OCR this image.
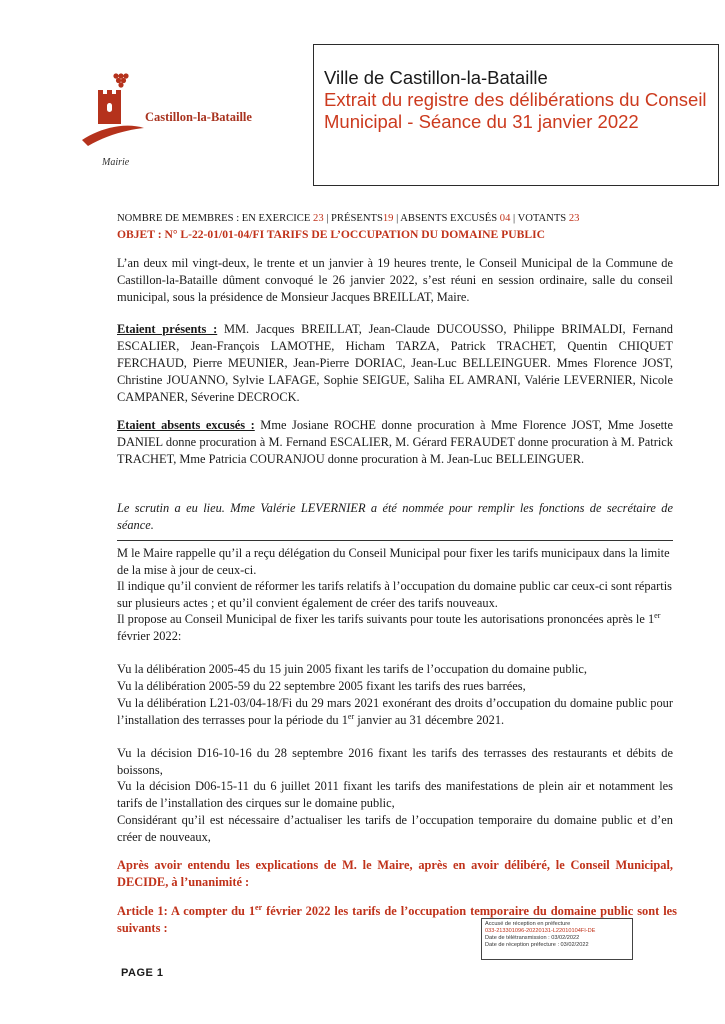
Castillon-la-Bataille
Mairie
Ville de Castillon-la-Bataille
Extrait du registre des délibérations du Conseil Municipal - Séance du 31 janvier 2022
NOMBRE DE MEMBRES : EN EXERCICE 23 | PRÉSENTS19 | ABSENTS EXCUSÉS 04 | VOTANTS 23
OBJET : N° L-22-01/01-04/FI TARIFS DE L’OCCUPATION DU DOMAINE PUBLIC
L’an deux mil vingt-deux, le trente et un janvier à 19 heures trente, le Conseil Municipal de la Commune de Castillon-la-Bataille dûment convoqué le 26 janvier 2022, s’est réuni en session ordinaire, salle du conseil municipal, sous la présidence de Monsieur Jacques BREILLAT, Maire.
Etaient présents : MM. Jacques BREILLAT, Jean-Claude DUCOUSSO, Philippe BRIMALDI, Fernand ESCALIER, Jean-François LAMOTHE, Hicham TARZA, Patrick TRACHET, Quentin CHIQUET FERCHAUD, Pierre MEUNIER, Jean-Pierre DORIAC, Jean-Luc BELLEINGUER. Mmes Florence JOST, Christine JOUANNO, Sylvie LAFAGE, Sophie SEIGUE, Saliha EL AMRANI, Valérie LEVERNIER, Nicole CAMPANER, Séverine DECROCK.
Etaient absents excusés : Mme Josiane ROCHE donne procuration à Mme Florence JOST, Mme Josette DANIEL donne procuration à M. Fernand ESCALIER, M. Gérard FERAUDET donne procuration à M. Patrick TRACHET, Mme Patricia COURANJOU donne procuration à M. Jean-Luc BELLEINGUER.
Le scrutin a eu lieu. Mme Valérie LEVERNIER a été nommée pour remplir les fonctions de secrétaire de séance.
M le Maire rappelle qu’il a reçu délégation du Conseil Municipal pour fixer les tarifs municipaux dans la limite de la mise à jour de ceux-ci.
Il indique qu’il convient de réformer les tarifs relatifs à l’occupation du domaine public car ceux-ci sont répartis sur plusieurs actes ; et qu’il convient également de créer des tarifs nouveaux.
Il propose au Conseil Municipal de fixer les tarifs suivants pour toute les autorisations prononcées après le 1er février 2022:
Vu la délibération 2005-45 du 15 juin 2005 fixant les tarifs de l’occupation du domaine public,
Vu la délibération 2005-59 du 22 septembre 2005 fixant les tarifs des rues barrées,
Vu la délibération L21-03/04-18/Fi du 29 mars 2021 exonérant des droits d’occupation du domaine public pour l’installation des terrasses pour la période du 1er janvier au 31 décembre 2021.
Vu la décision D16-10-16 du 28 septembre 2016 fixant les tarifs des terrasses des restaurants et débits de boissons,
Vu la décision D06-15-11 du 6 juillet 2011 fixant les tarifs des manifestations de plein air et notamment les tarifs de l’installation des cirques sur le domaine public,
Considérant qu’il est nécessaire d’actualiser les tarifs de l’occupation temporaire du domaine public et d’en créer de nouveaux,
Après avoir entendu les explications de M. le Maire, après en avoir délibéré, le Conseil Municipal, DECIDE, à l’unanimité :
Article 1: A compter du 1er février 2022 les tarifs de l’occupation temporaire du domaine public sont les suivants :	Accusé de réception en préfecture
033-213301096-20220131-L22010104FI-DE
Date de télétransmission : 03/02/2022
Date de réception préfecture : 03/02/2022
PAGE 1
